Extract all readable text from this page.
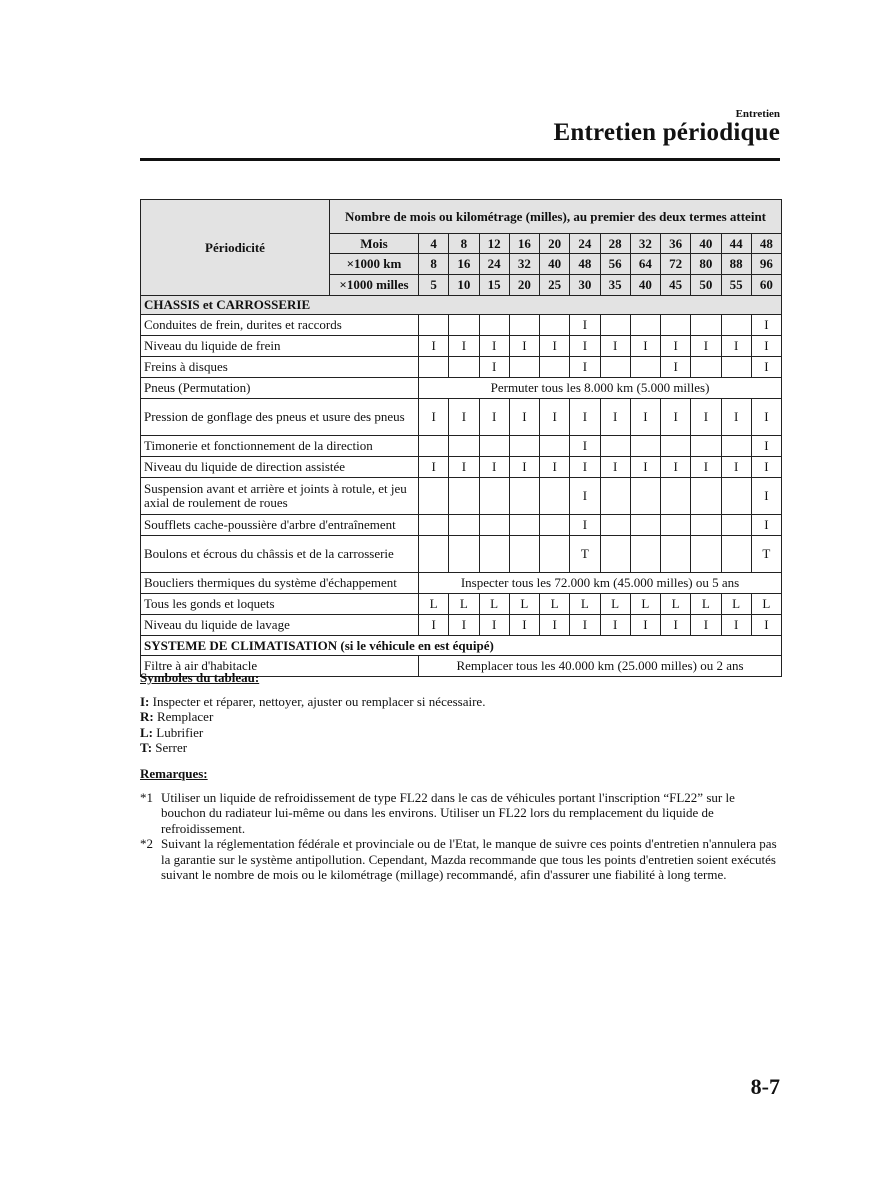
Entretien
Entretien périodique
Périodicité	Nombre de mois ou kilométrage (milles), au premier des deux termes atteint												
	Mois	4	8	12	16	20	24	28	32	36	40	44	48
	×1000 km	8	16	24	32	40	48	56	64	72	80	88	96
	×1000 milles	5	10	15	20	25	30	35	40	45	50	55	60
CHASSIS et CARROSSERIE													
Conduites de frein, durites et raccords							I						I
Niveau du liquide de frein		I	I	I	I	I	I	I	I	I	I	I	I
Freins à disques				I			I			I			I
Pneus (Permutation)		Permuter tous les 8.000 km (5.000 milles)											
Pression de gonflage des pneus et usure des pneus		I	I	I	I	I	I	I	I	I	I	I	I
Timonerie et fonctionnement de la direction							I						I
Niveau du liquide de direction assistée		I	I	I	I	I	I	I	I	I	I	I	I
Suspension avant et arrière et joints à rotule, et jeu axial de roulement de roues							I						I
Soufflets cache-poussière d'arbre d'entraînement							I						I
Boulons et écrous du châssis et de la carrosserie							T						T
Boucliers thermiques du système d'échappement		Inspecter tous les 72.000 km (45.000 milles) ou 5 ans											
Tous les gonds et loquets		L	L	L	L	L	L	L	L	L	L	L	L
Niveau du liquide de lavage		I	I	I	I	I	I	I	I	I	I	I	I
SYSTEME DE CLIMATISATION (si le véhicule en est équipé)													
Filtre à air d'habitacle		Remplacer tous les 40.000 km (25.000 milles) ou 2 ans											
Symboles du tableau:
I: Inspecter et réparer, nettoyer, ajuster ou remplacer si nécessaire.
R: Remplacer
L: Lubrifier
T: Serrer
Remarques:
*1 Utiliser un liquide de refroidissement de type FL22 dans le cas de véhicules portant l'inscription “FL22” sur le bouchon du radiateur lui-même ou dans les environs. Utiliser un FL22 lors du remplacement du liquide de refroidissement.
*2 Suivant la réglementation fédérale et provinciale ou de l'Etat, le manque de suivre ces points d'entretien n'annulera pas la garantie sur le système antipollution. Cependant, Mazda recommande que tous les points d'entretien soient exécutés suivant le nombre de mois ou le kilométrage (millage) recommandé, afin d'assurer une fiabilité à long terme.
8-7
